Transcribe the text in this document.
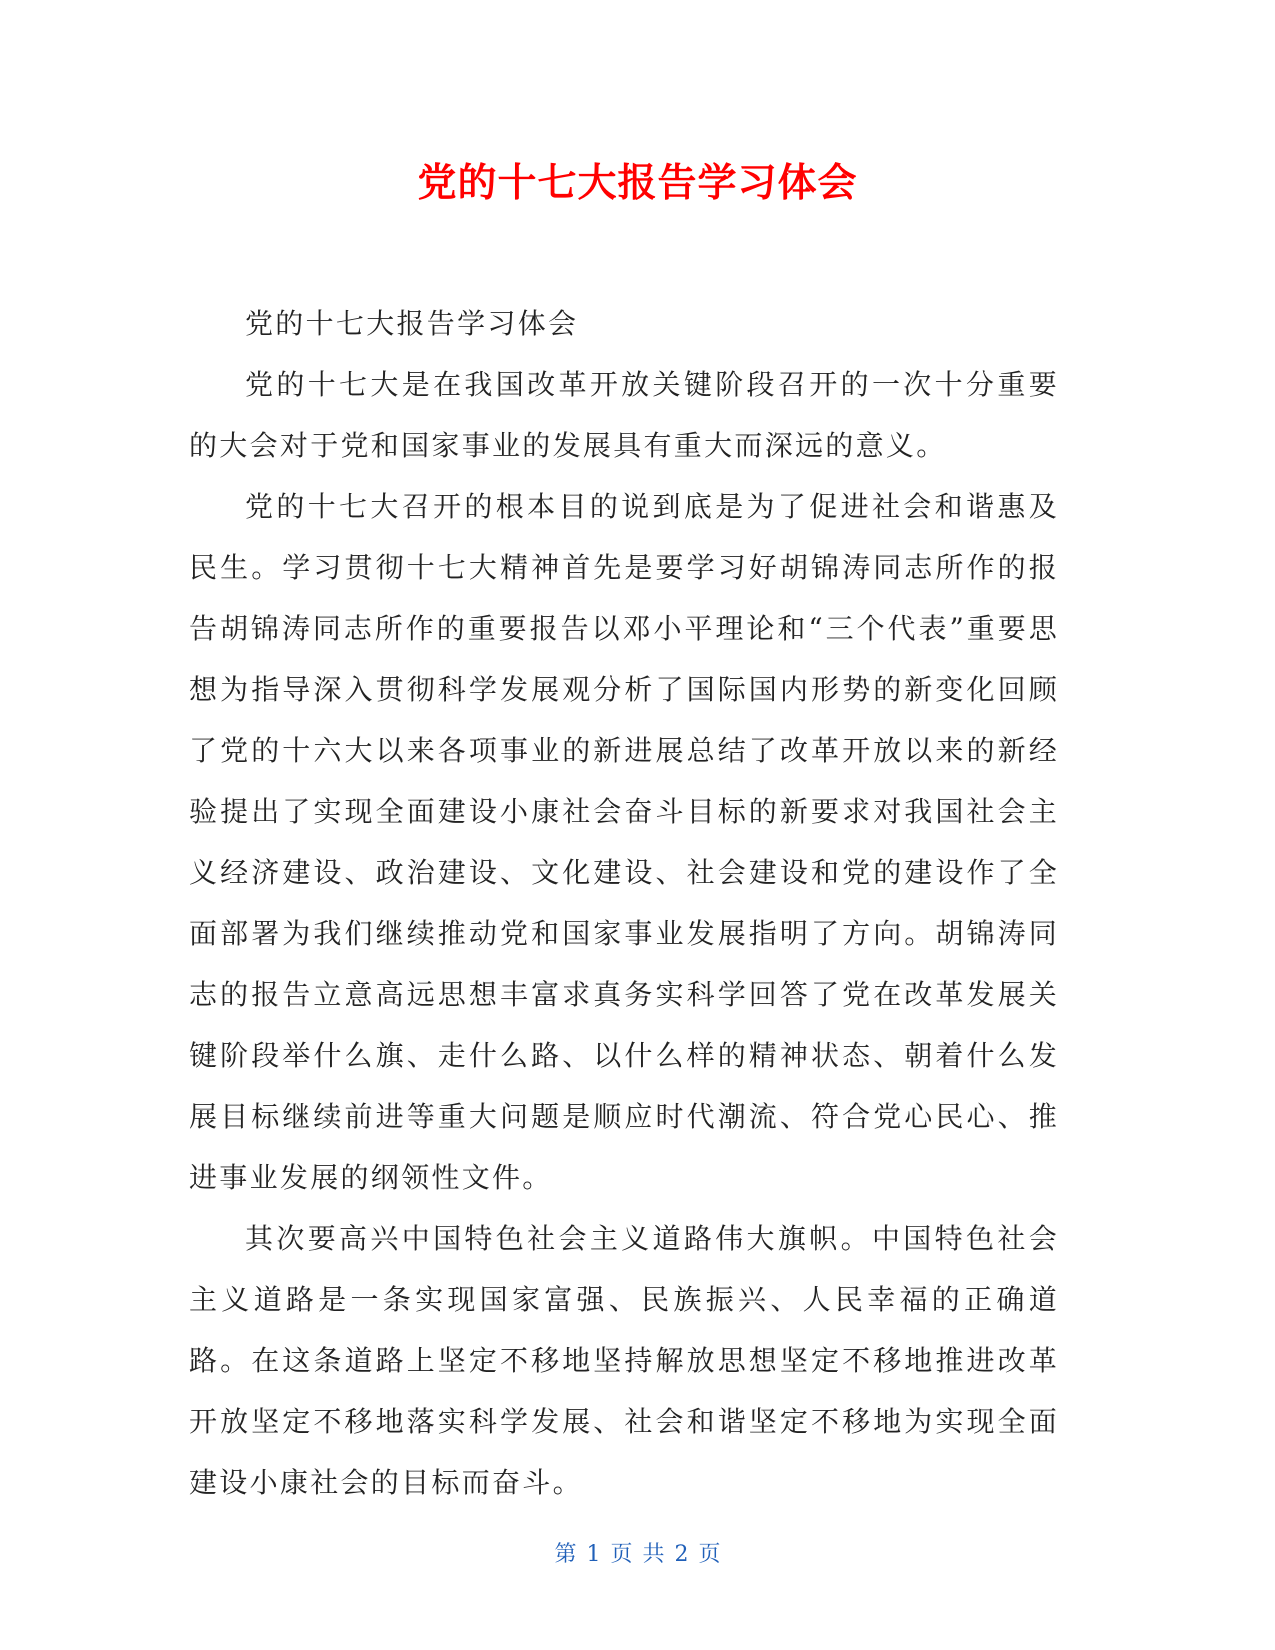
党的十七大报告学习体会

党的十七大报告学习体会

党的十七大是在我国改革开放关键阶段召开的一次十分重要的大会对于党和国家事业的发展具有重大而深远的意义。

党的十七大召开的根本目的说到底是为了促进社会和谐惠及民生。学习贯彻十七大精神首先是要学习好胡锦涛同志所作的报告胡锦涛同志所作的重要报告以邓小平理论和“三个代表”重要思想为指导深入贯彻科学发展观分析了国际国内形势的新变化回顾了党的十六大以来各项事业的新进展总结了改革开放以来的新经验提出了实现全面建设小康社会奋斗目标的新要求对我国社会主义经济建设、政治建设、文化建设、社会建设和党的建设作了全面部署为我们继续推动党和国家事业发展指明了方向。胡锦涛同志的报告立意高远思想丰富求真务实科学回答了党在改革发展关键阶段举什么旗、走什么路、以什么样的精神状态、朝着什么发展目标继续前进等重大问题是顺应时代潮流、符合党心民心、推进事业发展的纲领性文件。

其次要高兴中国特色社会主义道路伟大旗帜。中国特色社会主义道路是一条实现国家富强、民族振兴、人民幸福的正确道路。在这条道路上坚定不移地坚持解放思想坚定不移地推进改革开放坚定不移地落实科学发展、社会和谐坚定不移地为实现全面建设小康社会的目标而奋斗。

第 1 页 共 2 页
